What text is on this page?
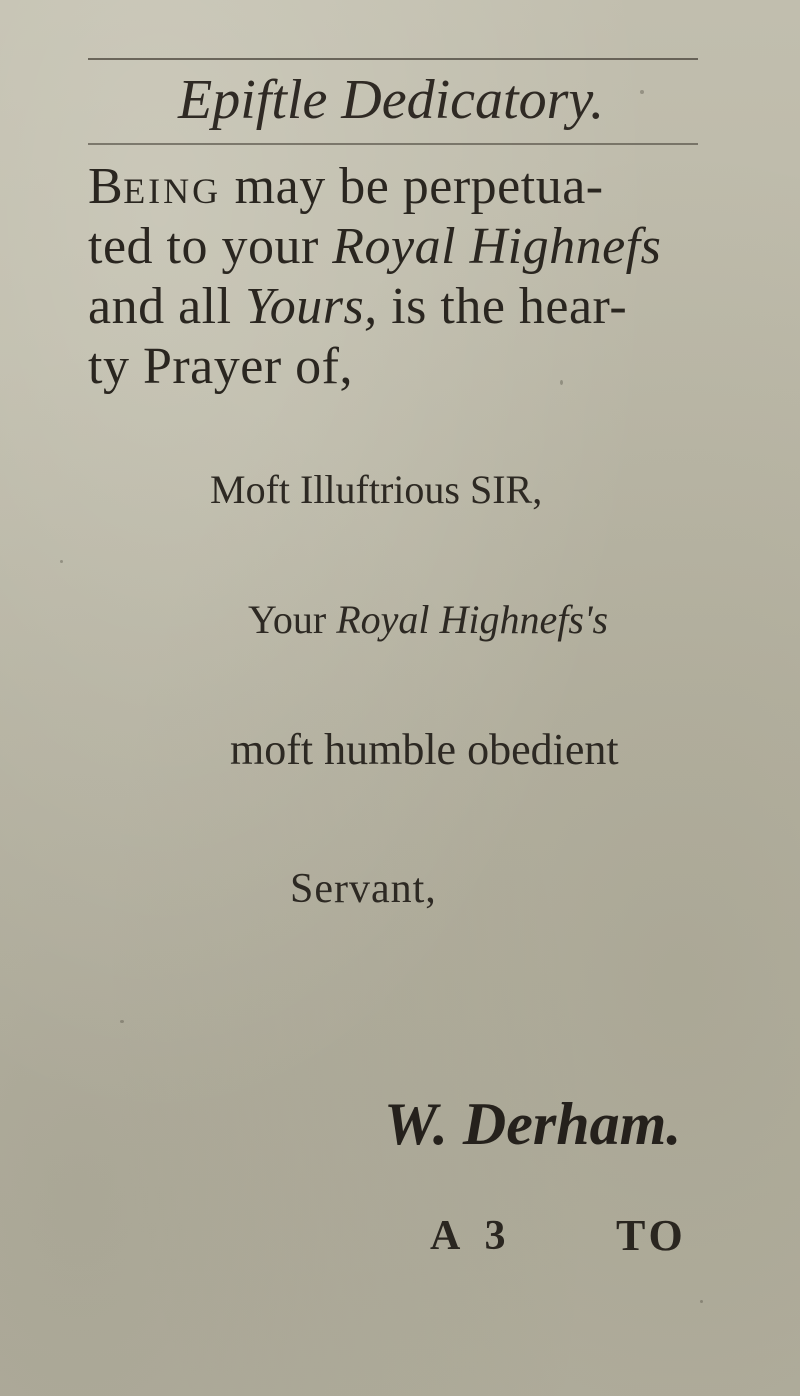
Epiftle Dedicatory.
BEING may be perpetua-
ted to your Royal Highnefs
and all Yours, is the hear-
ty Prayer of,
Moft Illuftrious SIR,
Your Royal Highnefs's
moft humble obedient
Servant,
W. Derham.
A 3 TO
